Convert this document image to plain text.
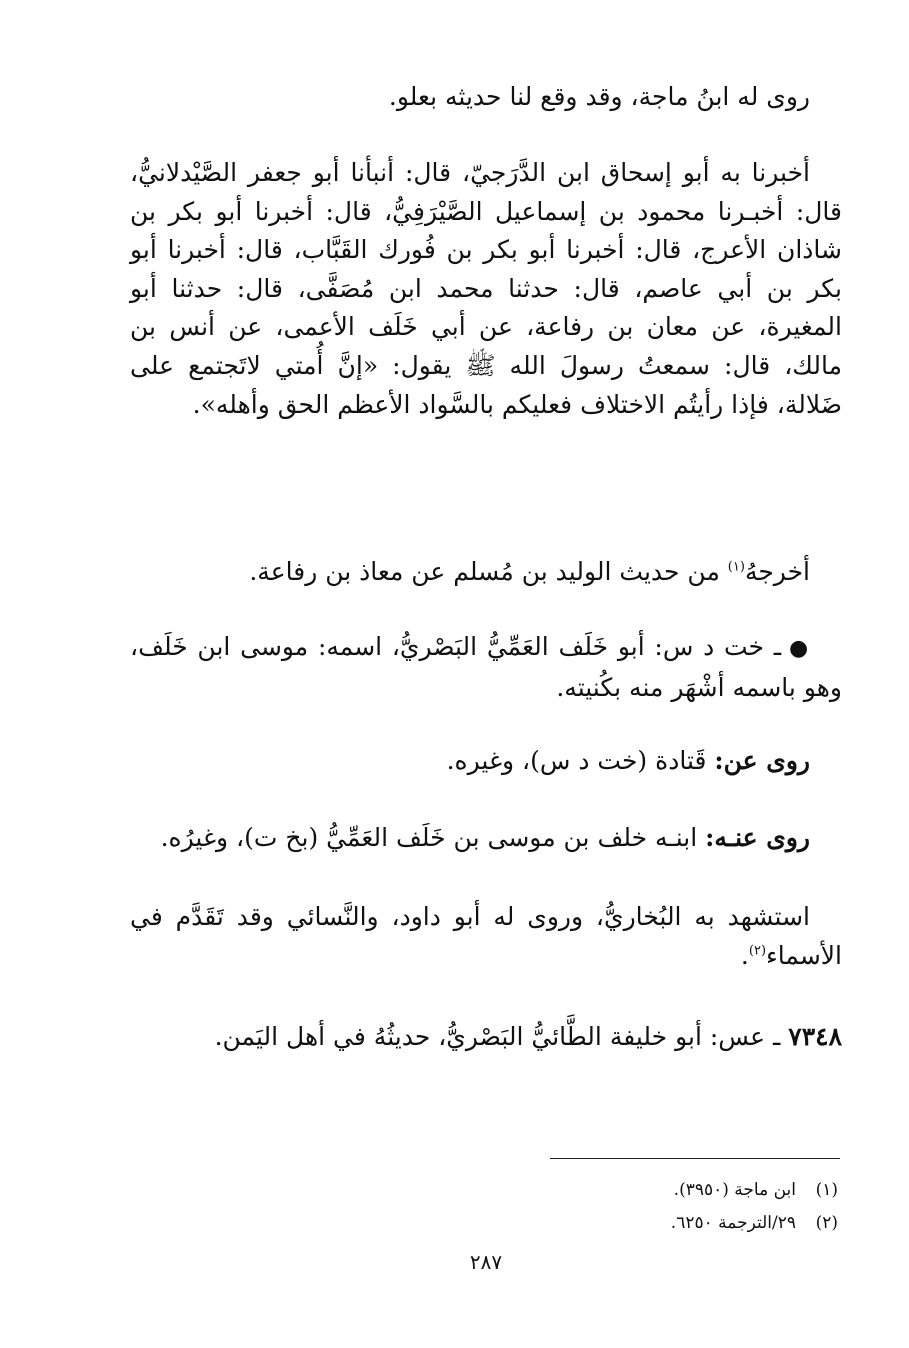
روى له ابنُ ماجة، وقد وقع لنا حديثه بعلو.

أخبرنا به أبو إسحاق ابن الدَّرَجيّ، قال: أنبأنا أبو جعفر الصَّيْدلانيُّ، قال: أخبـرنا محمود بن إسماعيل الصَّيْرَفِيُّ، قال: أخبرنا أبو بكر بن شاذان الأعرج، قال: أخبرنا أبو بكر بن فُورك القَبَّاب، قال: أخبرنا أبو بكر بن أبي عاصم، قال: حدثنا محمد ابن مُصَفَّى، قال: حدثنا أبو المغيرة، عن معان بن رفاعة، عن أبي خَلَف الأعمى، عن أنس بن مالك، قال: سمعتُ رسولَ الله ﷺ يقول: «إنَّ أُمتي لاتَجتمع على ضَلالة، فإذا رأيتُم الاختلاف فعليكم بالسَّواد الأعظم الحق وأهله».

أخرجهُ$^{(١)}$ من حديث الوليد بن مُسلم عن معاذ بن رفاعة.

● ـ خت د س: أبو خَلَف العَمِّيُّ البَصْريُّ، اسمه: موسى ابن خَلَف، وهو باسمه أشْهَر منه بكُنيته.

روى عن: قَتادة (خت د س)، وغيره.

روى عنـه: ابنـه خلف بن موسى بن خَلَف العَمِّيُّ (بخ ت)، وغيرُه.

استشهد به البُخاريُّ، وروى له أبو داود، والنَّسائي وقد تَقَدَّم في الأسماء$^{(٢)}$.

٧٣٤٨ ـ عس: أبو خليفة الطَّائيُّ البَصْريُّ، حديثُهُ في أهل اليَمن.

(١)ابن ماجة (٣٩٥٠).

(٢)٢٩/الترجمة ٦٢٥٠.

٢٨٧
